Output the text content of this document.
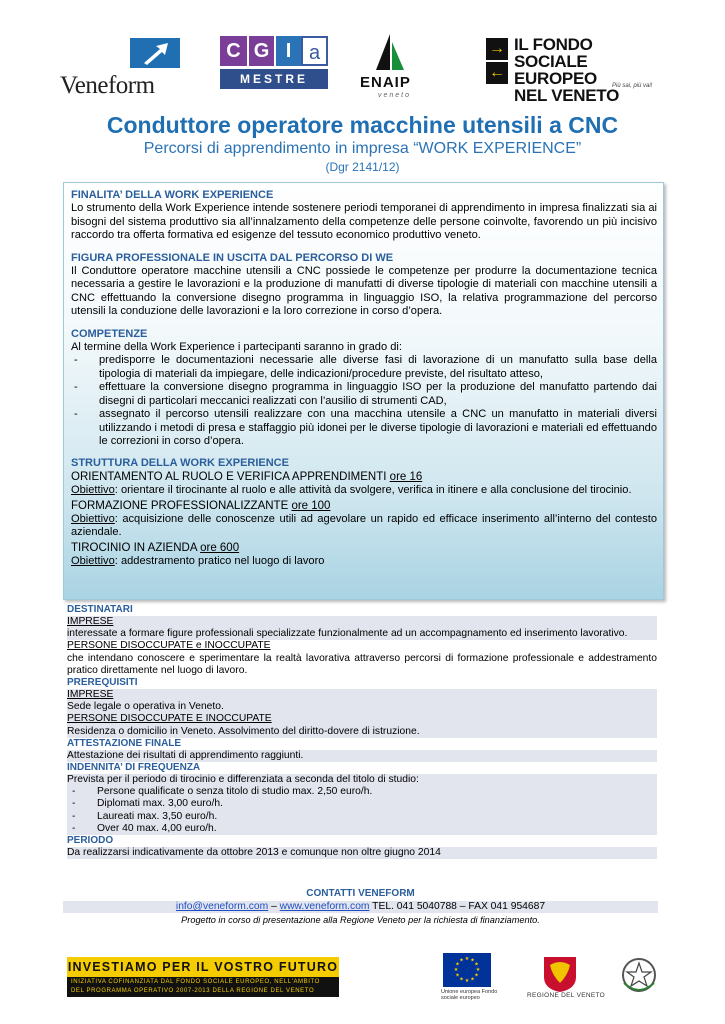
Veneform
C G I a
MESTRE	ENAIP
veneto
→
←
IL FONDO
SOCIALE EUROPEO
NEL VENETO
Più sai, più vai!
Conduttore operatore macchine utensili a CNC
Percorsi di apprendimento in impresa “WORK EXPERIENCE”
(Dgr 2141/12)
FINALITA’ DELLA WORK EXPERIENCE
Lo strumento della Work Experience intende sostenere periodi temporanei di apprendimento in impresa finalizzati sia ai bisogni del sistema produttivo sia all’innalzamento della competenze delle persone coinvolte, favorendo un più incisivo raccordo tra offerta formativa ed esigenze del tessuto economico produttivo veneto.
FIGURA PROFESSIONALE IN USCITA DAL PERCORSO DI WE
Il Conduttore operatore macchine utensili a CNC possiede le competenze per produrre la documentazione tecnica necessaria a gestire le lavorazioni e la produzione di manufatti di diverse tipologie di materiali con macchine utensili a CNC effettuando la conversione disegno programma in linguaggio ISO, la relativa programmazione del percorso utensili la conduzione delle lavorazioni e la loro correzione in corso d’opera.
COMPETENZE
Al termine della Work Experience i partecipanti saranno in grado di:
- predisporre le documentazioni necessarie alle diverse fasi di lavorazione di un manufatto sulla base della tipologia di materiali da impiegare, delle indicazioni/procedure previste, del risultato atteso,
- effettuare la conversione disegno programma in linguaggio ISO per la produzione del manufatto partendo dai disegni di particolari meccanici realizzati con l’ausilio di strumenti CAD,
- assegnato il percorso utensili realizzare con una macchina utensile a CNC un manufatto in materiali diversi utilizzando i metodi di presa e staffaggio più idonei per le diverse tipologie di lavorazioni e materiali ed effettuando le correzioni in corso d’opera.
STRUTTURA DELLA WORK EXPERIENCE
ORIENTAMENTO AL RUOLO E VERIFICA APPRENDIMENTI ore 16
Obiettivo: orientare il tirocinante al ruolo e alle attività da svolgere, verifica in itinere e alla conclusione del tirocinio.
FORMAZIONE PROFESSIONALIZZANTE ore 100
Obiettivo: acquisizione delle conoscenze utili ad agevolare un rapido ed efficace inserimento all’interno del contesto aziendale.
TIROCINIO IN AZIENDA ore 600
Obiettivo: addestramento pratico nel luogo di lavoro
DESTINATARI
IMPRESE
interessate a formare figure professionali specializzate funzionalmente ad un accompagnamento ed inserimento lavorativo.
PERSONE DISOCCUPATE e INOCCUPATE
che intendano conoscere e sperimentare la realtà lavorativa attraverso percorsi di formazione professionale e addestramento pratico direttamente nel luogo di lavoro.
PREREQUISITI
IMPRESE
Sede legale o operativa in Veneto.
PERSONE DISOCCUPATE E INOCCUPATE
Residenza o domicilio in Veneto. Assolvimento del diritto-dovere di istruzione.
ATTESTAZIONE FINALE
Attestazione dei risultati di apprendimento raggiunti.
INDENNITA’ DI FREQUENZA
Prevista per il periodo di tirocinio e differenziata a seconda del titolo di studio:
- Persone qualificate o senza titolo di studio max. 2,50 euro/h.
- Diplomati max. 3,00 euro/h.
- Laureati max. 3,50 euro/h.
- Over 40 max. 4,00 euro/h.
PERIODO
Da realizzarsi indicativamente da ottobre 2013 e comunque non oltre giugno 2014
CONTATTI VENEFORM
info@veneform.com – www.veneform.com TEL. 041 5040788 – FAX 041 954687
Progetto in corso di presentazione alla Regione Veneto per la richiesta di finanziamento.
INVESTIAMO PER IL VOSTRO FUTURO
INIZIATIVA COFINANZIATA DAL FONDO SOCIALE EUROPEO, NELL'AMBITO DEL PROGRAMMA OPERATIVO 2007-2013 DELLA REGIONE DEL VENETO
★ ★
★
★
★
★
★
★
★
★
★
★
Unione europea Fondo sociale europeo	REGIONE DEL VENETO
